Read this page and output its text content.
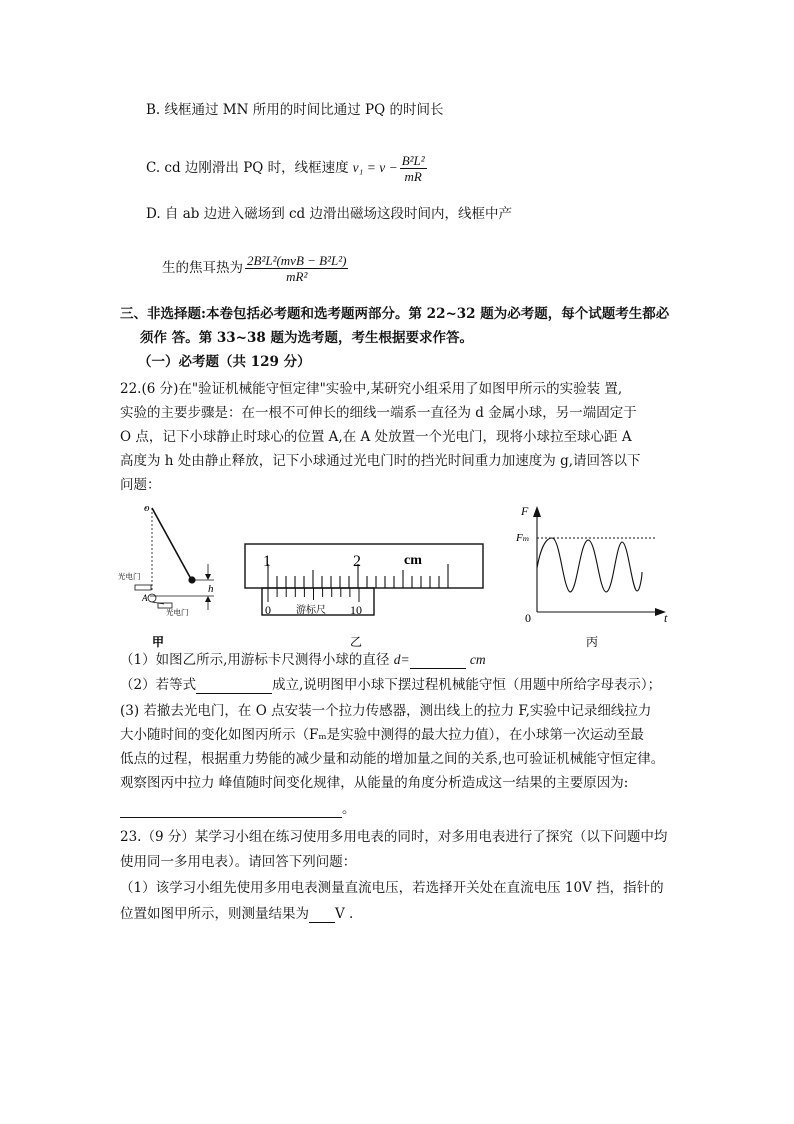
B. 线框通过 MN 所用的时间比通过 PQ 的时间长
C. cd 边刚滑出 PQ 时，线框速度 $v_1 = v - \frac{\text{B²L²}}{mR}$
D. 自 ab 边进入磁场到 cd 边滑出磁场这段时间内，线框中产
生的焦耳热为 $\frac{\text{2B²L²(mvB − B²L²)}}{\text{mR²}}$
三、非选择题:本卷包括必考题和选考题两部分。第 22~32 题为必考题，每个试题考生都必
须作 答。第 33~38 题为选考题，考生根据要求作答。
（一）必考题（共 129 分）
22.(6 分)在"验证机械能守恒定律"实验中,某研究小组采用了如图甲所示的实验装 置,
实验的主要步骤是：在一根不可伸长的细线一端系一直径为 d 金属小球，另一端固定于
O 点，记下小球静止时球心的位置 A,在 A 处放置一个光电门，现将小球拉至球心距 A
高度为 h 处由静止释放，记下小球通过光电门时的挡光时间重力加速度为 g,请回答以下
问题：
o
h
光电门
A
光电门
甲
1	2	cm
0	10
游标尺
乙
F
Fₘ
0	t
丙
（1）如图乙所示,用游标卡尺测得小球的直径 d=	cm
（2）若等式	成立,说明图甲小球下摆过程机械能守恒（用题中所给字母表示）；
(3) 若撤去光电门，在 O 点安装一个拉力传感器，测出线上的拉力 F,实验中记录细线拉力
大小随时间的变化如图丙所示（Fₘ是实验中测得的最大拉力值），在小球第一次运动至最
低点的过程，根据重力势能的减少量和动能的增加量之间的关系,也可验证机械能守恒定律。
观察图丙中拉力 峰值随时间变化规律，从能量的角度分析造成这一结果的主要原因为:
。
23.（9 分）某学习小组在练习使用多用电表的同时，对多用电表进行了探究（以下问题中均
使用同一多用电表）。请回答下列问题：
（1）该学习小组先使用多用电表测量直流电压，若选择开关处在直流电压 10V 挡，指针的
位置如图甲所示，则测量结果为 V .
